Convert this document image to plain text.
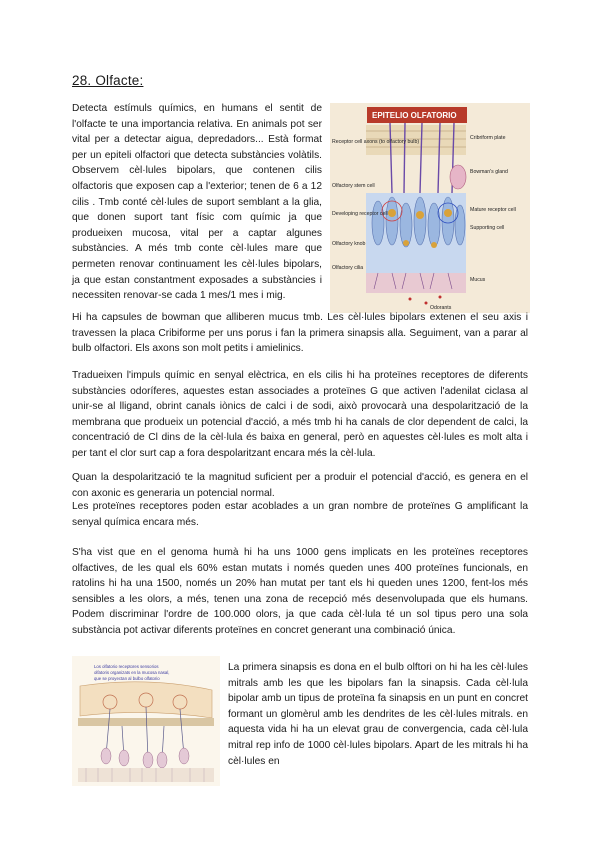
28. Olfacte:

Detecta estímuls químics, en humans el sentit de l'olfacte te una importancia relativa. En animals pot ser vital per a detectar aigua, depredadors... Està format per un epiteli olfactori que detecta substàncies volàtils. Observem cèl·lules bipolars, que contenen cilis olfactoris que exposen cap a l'exterior; tenen de 6 a 12 cilis . Tmb conté cèl·lules de suport semblant a la glia, que donen suport tant físic com químic ja que produeixen mucosa, vital per a captar algunes substàncies. A més tmb conte cèl·lules mare que permeten renovar continuament les cèl·lules bipolars, ja que estan constantment exposades a substàncies i necessiten renovar-se cada 1 mes/1 mes i mig.

EPITELIO OLFATORIO
Receptor cell axons (to olfactory bulb)
Olfactory stem cell
Developing receptor cell
Olfactory knob
Olfactory cilia
Cribriform plate
Bowman's gland
Mature receptor cell
Supporting cell
Mucus
Odorants

Hi ha capsules de bowman que alliberen mucus tmb. Les cèl·lules bipolars extenen el seu axis i travessen la placa Cribiforme per uns porus i fan la primera sinapsis alla. Seguiment, van a parar al bulb olfactori. Els axons son molt petits i amielinics.

Tradueixen l'impuls químic en senyal elèctrica, en els cilis hi ha proteïnes receptores de diferents substàncies odoríferes, aquestes estan associades a proteïnes G que activen l'adenilat ciclasa al unir-se al lligand, obrint canals iònics de calci i de sodi, això provocarà una despolarització de la membrana que produeix un potencial d'acció, a més tmb hi ha canals de clor dependent de calci, la concentració de Cl dins de la cèl·lula és baixa en general, però en aquestes cèl·lules es molt alta i per tant el clor surt cap a fora despolaritzant encara més la cèl·lula.

Quan la despolarització te la magnitud suficient per a produir el potencial d'acció, es genera en el con axonic es generaria un potencial normal.

Les proteïnes receptores poden estar acoblades a un gran nombre de proteïnes G amplificant la senyal química encara més.

S'ha vist que en el genoma humà hi ha uns 1000 gens implicats en les proteïnes receptores olfactives, de les qual els 60% estan mutats i només queden unes 400 proteïnes funcionals, en ratolins hi ha una 1500, només un 20% han mutat per tant els hi queden unes 1200, fent-los més sensibles a les olors, a més, tenen una zona de recepció més desenvolupada que els humans. Podem discriminar l'ordre de 100.000 olors, ja que cada cèl·lula té un sol tipus pero una sola substància pot activar diferents proteïnes en concret generant una combinació única.

Los olfatorio receptores sensorios
olfatoris organizats en la mucosa nasal,
que se proyectan al bulbo olfatorio

La primera sinapsis es dona en el bulb olftori on hi ha les cèl·lules mitrals amb les que les bipolars fan la sinapsis. Cada cèl·lula bipolar amb un tipus de proteïna fa sinapsis en un punt en concret formant un glomèrul amb les dendrites de les cèl·lules mitrals. en aquesta vida hi ha un elevat grau de convergencia, cada cèl·lula mitral rep info de 1000 cèl·lules bipolars. Apart de les mitrals hi ha cèl·lules en
